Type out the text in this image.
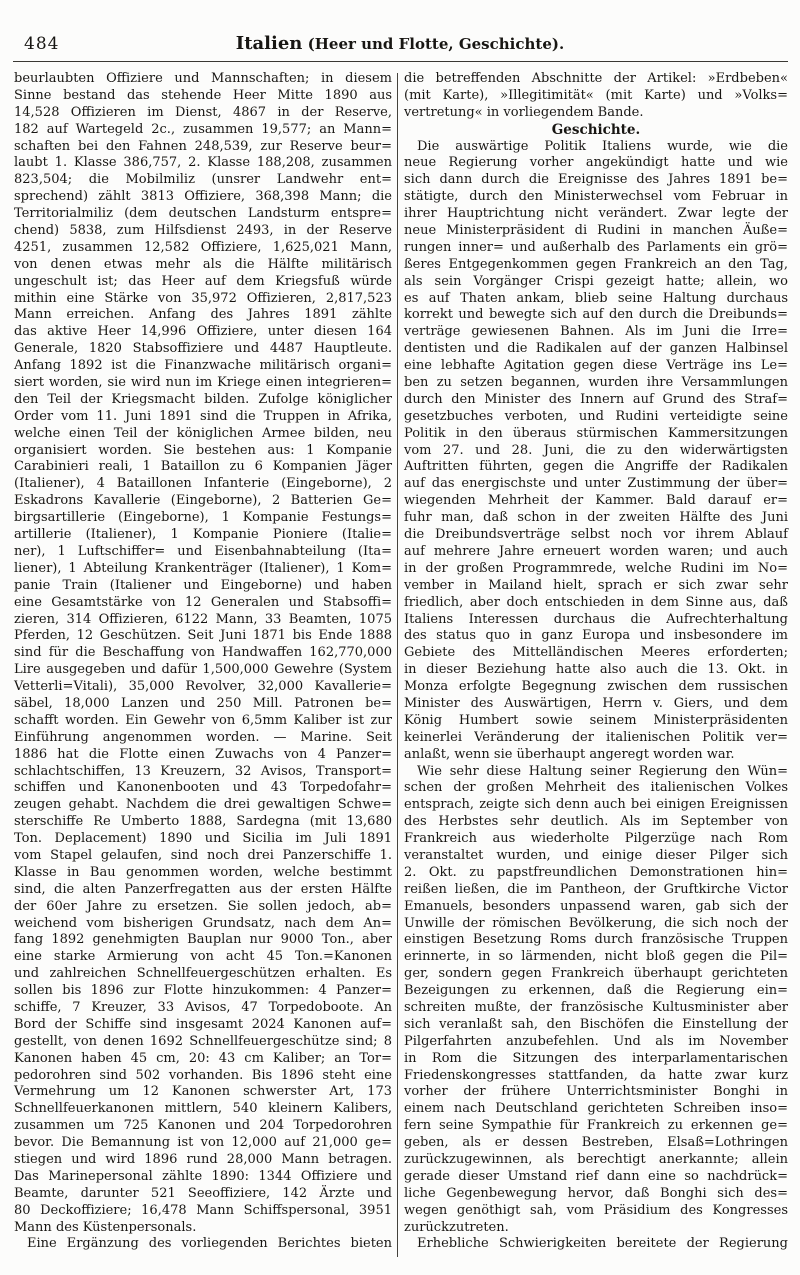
484	Italien (Heer und Flotte, Geschichte).
beurlaubten Offiziere und Mannschaften; in diesem
Sinne bestand das stehende Heer Mitte 1890 aus
14,528 Offizieren im Dienst, 4867 in der Reserve,
182 auf Wartegeld 2c., zusammen 19,577; an Mann=
schaften bei den Fahnen 248,539, zur Reserve beur=
laubt 1. Klasse 386,757, 2. Klasse 188,208, zusammen
823,504; die Mobilmiliz (unsrer Landwehr ent=
sprechend) zählt 3813 Offiziere, 368,398 Mann; die
Territorialmiliz (dem deutschen Landsturm entspre=
chend) 5838, zum Hilfsdienst 2493, in der Reserve
4251, zusammen 12,582 Offiziere, 1,625,021 Mann,
von denen etwas mehr als die Hälfte militärisch
ungeschult ist; das Heer auf dem Kriegsfuß würde
mithin eine Stärke von 35,972 Offizieren, 2,817,523
Mann erreichen. Anfang des Jahres 1891 zählte
das aktive Heer 14,996 Offiziere, unter diesen 164
Generale, 1820 Stabsoffiziere und 4487 Hauptleute.
Anfang 1892 ist die Finanzwache militärisch organi=
siert worden, sie wird nun im Kriege einen integrieren=
den Teil der Kriegsmacht bilden. Zufolge königlicher
Order vom 11. Juni 1891 sind die Truppen in Afrika,
welche einen Teil der königlichen Armee bilden, neu
organisiert worden. Sie bestehen aus: 1 Kompanie
Carabinieri reali, 1 Bataillon zu 6 Kompanien Jäger
(Italiener), 4 Bataillonen Infanterie (Eingeborne), 2
Eskadrons Kavallerie (Eingeborne), 2 Batterien Ge=
birgsartillerie (Eingeborne), 1 Kompanie Festungs=
artillerie (Italiener), 1 Kompanie Pioniere (Italie=
ner), 1 Luftschiffer= und Eisenbahnabteilung (Ita=
liener), 1 Abteilung Krankenträger (Italiener), 1 Kom=
panie Train (Italiener und Eingeborne) und haben
eine Gesamtstärke von 12 Generalen und Stabsoffi=
zieren, 314 Offizieren, 6122 Mann, 33 Beamten, 1075
Pferden, 12 Geschützen. Seit Juni 1871 bis Ende 1888
sind für die Beschaffung von Handwaffen 162,770,000
Lire ausgegeben und dafür 1,500,000 Gewehre (System
Vetterli=Vitali), 35,000 Revolver, 32,000 Kavallerie=
säbel, 18,000 Lanzen und 250 Mill. Patronen be=
schafft worden. Ein Gewehr von 6,5mm Kaliber ist zur
Einführung angenommen worden. — Marine. Seit
1886 hat die Flotte einen Zuwachs von 4 Panzer=
schlachtschiffen, 13 Kreuzern, 32 Avisos, Transport=
schiffen und Kanonenbooten und 43 Torpedofahr=
zeugen gehabt. Nachdem die drei gewaltigen Schwe=
sterschiffe Re Umberto 1888, Sardegna (mit 13,680
Ton. Deplacement) 1890 und Sicilia im Juli 1891
vom Stapel gelaufen, sind noch drei Panzerschiffe 1.
Klasse in Bau genommen worden, welche bestimmt
sind, die alten Panzerfregatten aus der ersten Hälfte
der 60er Jahre zu ersetzen. Sie sollen jedoch, ab=
weichend vom bisherigen Grundsatz, nach dem An=
fang 1892 genehmigten Bauplan nur 9000 Ton., aber
eine starke Armierung von acht 45 Ton.=Kanonen
und zahlreichen Schnellfeuergeschützen erhalten. Es
sollen bis 1896 zur Flotte hinzukommen: 4 Panzer=
schiffe, 7 Kreuzer, 33 Avisos, 47 Torpedoboote. An
Bord der Schiffe sind insgesamt 2024 Kanonen auf=
gestellt, von denen 1692 Schnellfeuergeschütze sind; 8
Kanonen haben 45 cm, 20: 43 cm Kaliber; an Tor=
pedorohren sind 502 vorhanden. Bis 1896 steht eine
Vermehrung um 12 Kanonen schwerster Art, 173
Schnellfeuerkanonen mittlern, 540 kleinern Kalibers,
zusammen um 725 Kanonen und 204 Torpedorohren
bevor. Die Bemannung ist von 12,000 auf 21,000 ge=
stiegen und wird 1896 rund 28,000 Mann betragen.
Das Marinepersonal zählte 1890: 1344 Offiziere und
Beamte, darunter 521 Seeoffiziere, 142 Ärzte und
80 Deckoffiziere; 16,478 Mann Schiffspersonal, 3951
Mann des Küstenpersonals.
Eine Ergänzung des vorliegenden Berichtes bieten
die betreffenden Abschnitte der Artikel: »Erdbeben«
(mit Karte), »Illegitimität« (mit Karte) und »Volks=
vertretung« in vorliegendem Bande.
Geschichte.
Die auswärtige Politik Italiens wurde, wie die
neue Regierung vorher angekündigt hatte und wie
sich dann durch die Ereignisse des Jahres 1891 be=
stätigte, durch den Ministerwechsel vom Februar in
ihrer Hauptrichtung nicht verändert. Zwar legte der
neue Ministerpräsident di Rudini in manchen Äuße=
rungen inner= und außerhalb des Parlaments ein grö=
ßeres Entgegenkommen gegen Frankreich an den Tag,
als sein Vorgänger Crispi gezeigt hatte; allein, wo
es auf Thaten ankam, blieb seine Haltung durchaus
korrekt und bewegte sich auf den durch die Dreibunds=
verträge gewiesenen Bahnen. Als im Juni die Irre=
dentisten und die Radikalen auf der ganzen Halbinsel
eine lebhafte Agitation gegen diese Verträge ins Le=
ben zu setzen begannen, wurden ihre Versammlungen
durch den Minister des Innern auf Grund des Straf=
gesetzbuches verboten, und Rudini verteidigte seine
Politik in den überaus stürmischen Kammersitzungen
vom 27. und 28. Juni, die zu den widerwärtigsten
Auftritten führten, gegen die Angriffe der Radikalen
auf das energischste und unter Zustimmung der über=
wiegenden Mehrheit der Kammer. Bald darauf er=
fuhr man, daß schon in der zweiten Hälfte des Juni
die Dreibundsverträge selbst noch vor ihrem Ablauf
auf mehrere Jahre erneuert worden waren; und auch
in der großen Programmrede, welche Rudini im No=
vember in Mailand hielt, sprach er sich zwar sehr
friedlich, aber doch entschieden in dem Sinne aus, daß
Italiens Interessen durchaus die Aufrechterhaltung
des status quo in ganz Europa und insbesondere im
Gebiete des Mittelländischen Meeres erforderten;
in dieser Beziehung hatte also auch die 13. Okt. in
Monza erfolgte Begegnung zwischen dem russischen
Minister des Auswärtigen, Herrn v. Giers, und dem
König Humbert sowie seinem Ministerpräsidenten
keinerlei Veränderung der italienischen Politik ver=
anlaßt, wenn sie überhaupt angeregt worden war.
Wie sehr diese Haltung seiner Regierung den Wün=
schen der großen Mehrheit des italienischen Volkes
entsprach, zeigte sich denn auch bei einigen Ereignissen
des Herbstes sehr deutlich. Als im September von
Frankreich aus wiederholte Pilgerzüge nach Rom
veranstaltet wurden, und einige dieser Pilger sich
2. Okt. zu papstfreundlichen Demonstrationen hin=
reißen ließen, die im Pantheon, der Gruftkirche Victor
Emanuels, besonders unpassend waren, gab sich der
Unwille der römischen Bevölkerung, die sich noch der
einstigen Besetzung Roms durch französische Truppen
erinnerte, in so lärmenden, nicht bloß gegen die Pil=
ger, sondern gegen Frankreich überhaupt gerichteten
Bezeigungen zu erkennen, daß die Regierung ein=
schreiten mußte, der französische Kultusminister aber
sich veranlaßt sah, den Bischöfen die Einstellung der
Pilgerfahrten anzubefehlen. Und als im November
in Rom die Sitzungen des interparlamentarischen
Friedenskongresses stattfanden, da hatte zwar kurz
vorher der frühere Unterrichtsminister Bonghi in
einem nach Deutschland gerichteten Schreiben inso=
fern seine Sympathie für Frankreich zu erkennen ge=
geben, als er dessen Bestreben, Elsaß=Lothringen
zurückzugewinnen, als berechtigt anerkannte; allein
gerade dieser Umstand rief dann eine so nachdrück=
liche Gegenbewegung hervor, daß Bonghi sich des=
wegen genöthigt sah, vom Präsidium des Kongresses
zurückzutreten.
Erhebliche Schwierigkeiten bereitete der Regierung
